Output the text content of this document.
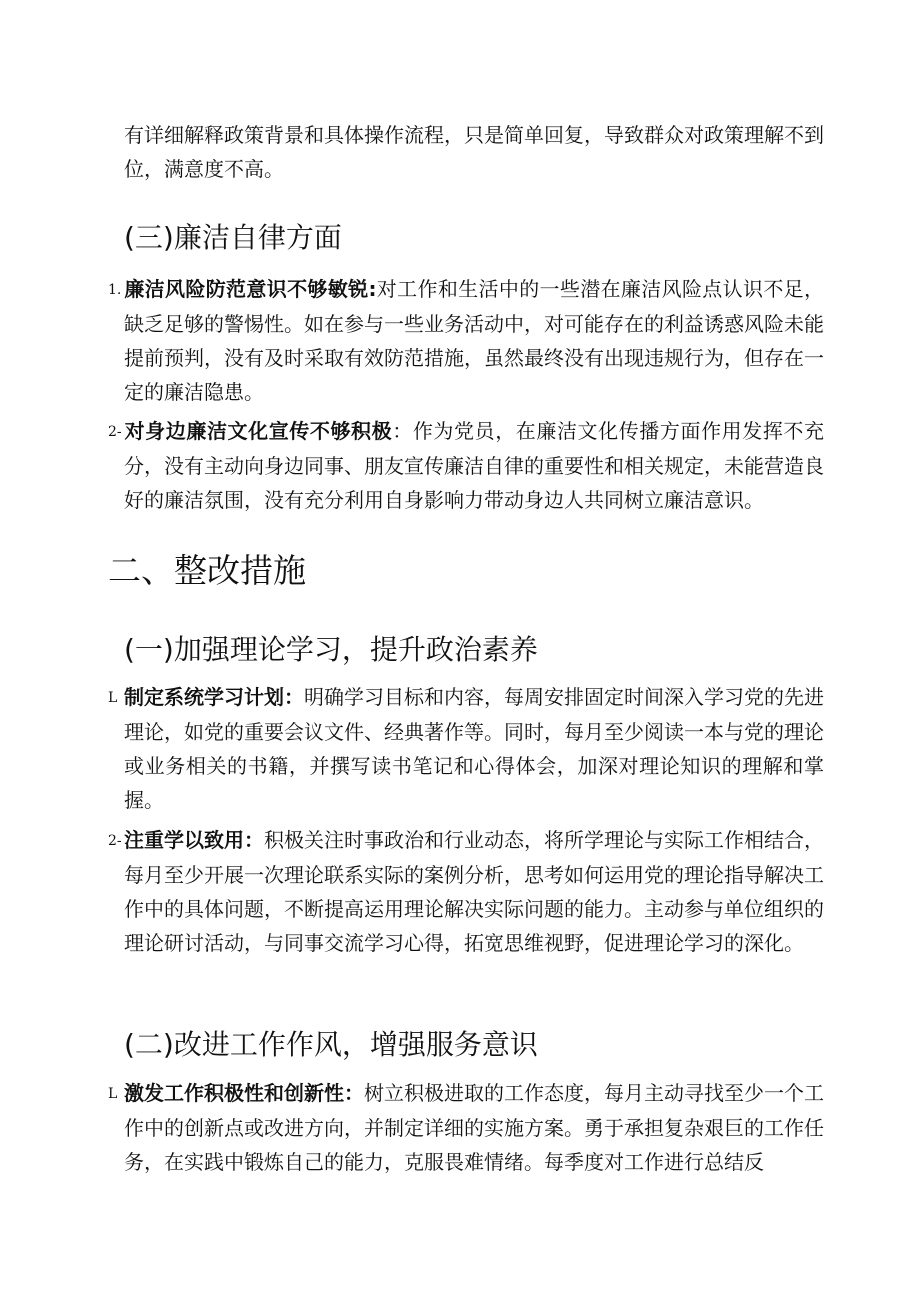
有详细解释政策背景和具体操作流程，只是简单回复，导致群众对政策理解不到位，满意度不高。

(三)廉洁自律方面
1. 廉洁风险防范意识不够敏锐:对工作和生活中的一些潜在廉洁风险点认识不足，缺乏足够的警惕性。如在参与一些业务活动中，对可能存在的利益诱惑风险未能提前预判，没有及时采取有效防范措施，虽然最终没有出现违规行为，但存在一定的廉洁隐患。
2- 对身边廉洁文化宣传不够积极：作为党员，在廉洁文化传播方面作用发挥不充分，没有主动向身边同事、朋友宣传廉洁自律的重要性和相关规定，未能营造良好的廉洁氛围，没有充分利用自身影响力带动身边人共同树立廉洁意识。
二、整改措施
(一)加强理论学习，提升政治素养
L 制定系统学习计划：明确学习目标和内容，每周安排固定时间深入学习党的先进理论，如党的重要会议文件、经典著作等。同时，每月至少阅读一本与党的理论或业务相关的书籍，并撰写读书笔记和心得体会，加深对理论知识的理解和掌握。
2- 注重学以致用：积极关注时事政治和行业动态，将所学理论与实际工作相结合，每月至少开展一次理论联系实际的案例分析，思考如何运用党的理论指导解决工作中的具体问题，不断提高运用理论解决实际问题的能力。主动参与单位组织的理论研讨活动，与同事交流学习心得，拓宽思维视野，促进理论学习的深化。
(二)改进工作作风，增强服务意识
L 激发工作积极性和创新性：树立积极进取的工作态度，每月主动寻找至少一个工作中的创新点或改进方向，并制定详细的实施方案。勇于承担复杂艰巨的工作任务，在实践中锻炼自己的能力，克服畏难情绪。每季度对工作进行总结反
